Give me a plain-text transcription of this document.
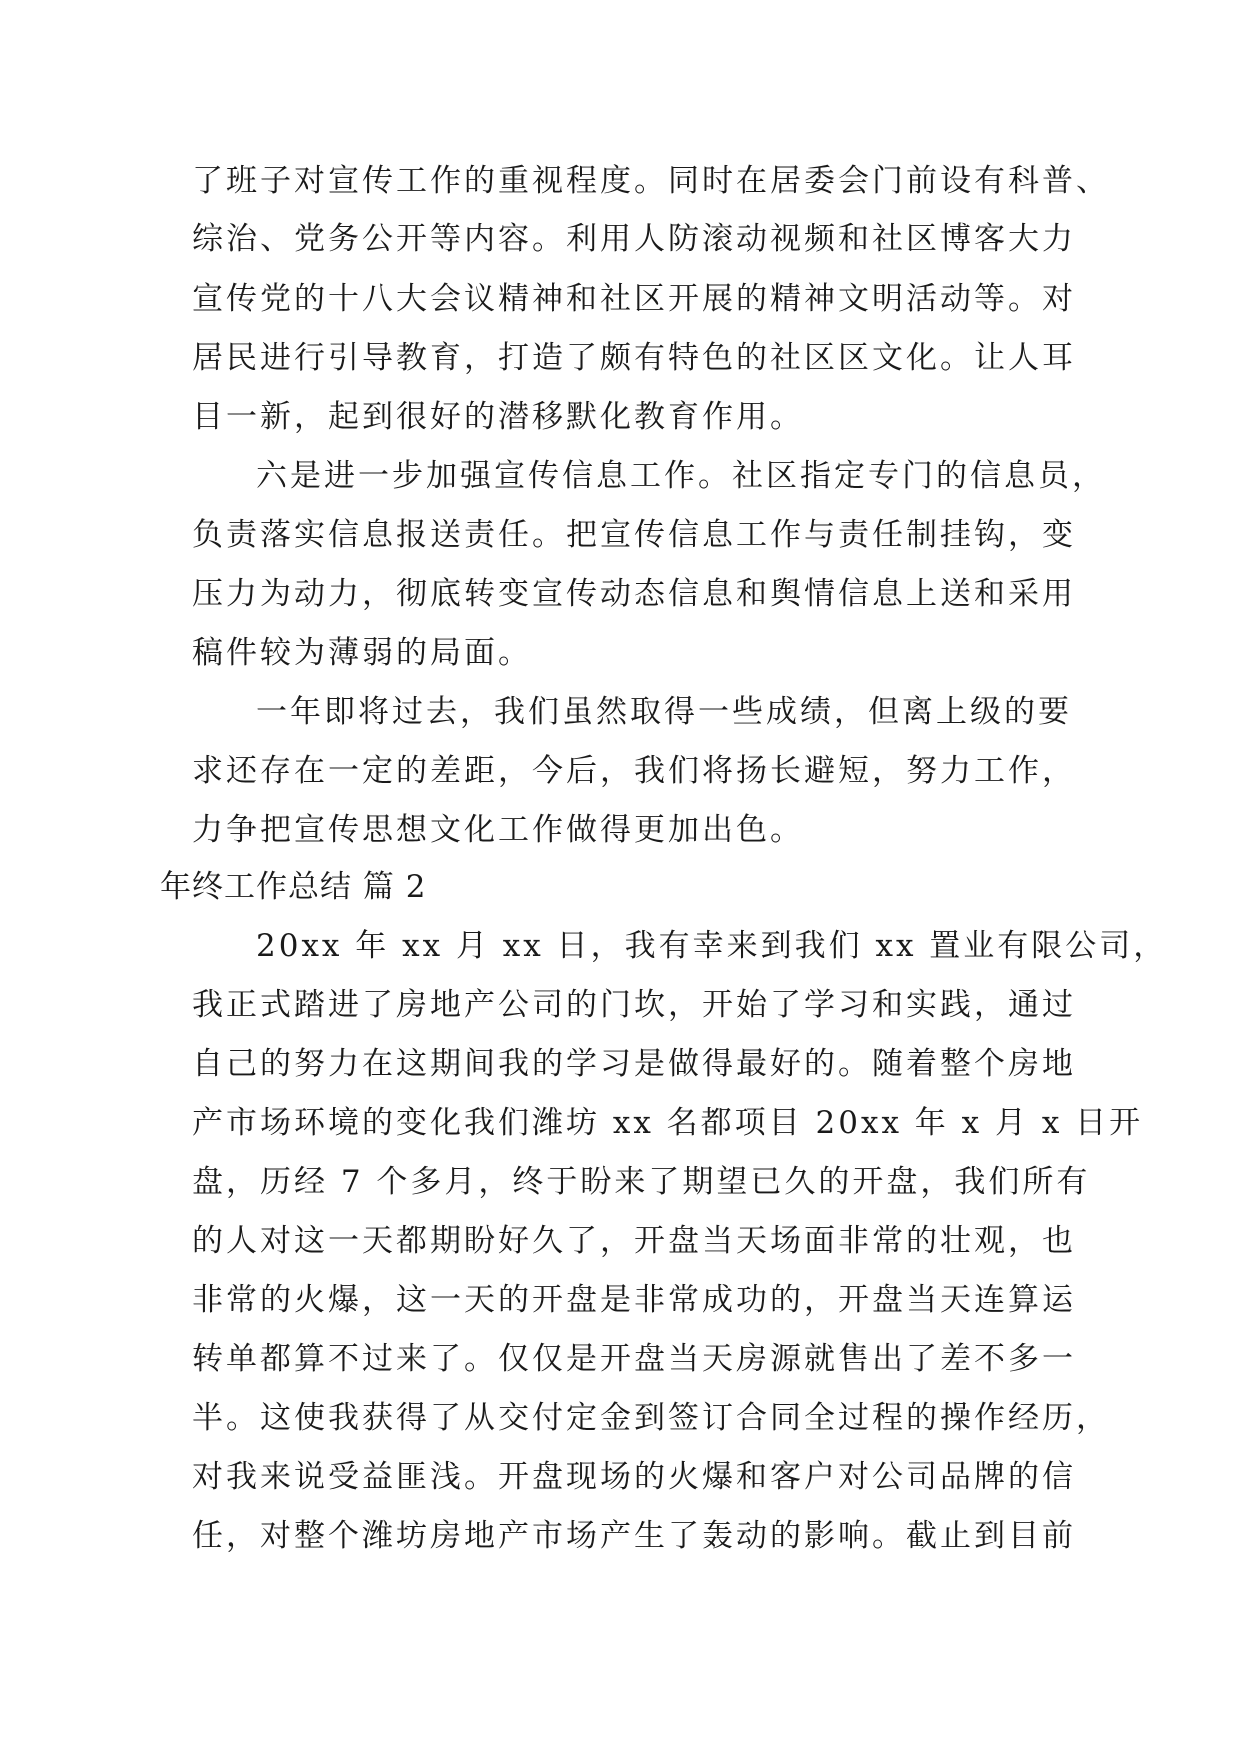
了班子对宣传工作的重视程度。同时在居委会门前设有科普、
综治、党务公开等内容。利用人防滚动视频和社区博客大力
宣传党的十八大会议精神和社区开展的精神文明活动等。对
居民进行引导教育，打造了颇有特色的社区区文化。让人耳
目一新，起到很好的潜移默化教育作用。
六是进一步加强宣传信息工作。社区指定专门的信息员，
负责落实信息报送责任。把宣传信息工作与责任制挂钩，变
压力为动力，彻底转变宣传动态信息和舆情信息上送和采用
稿件较为薄弱的局面。
一年即将过去，我们虽然取得一些成绩，但离上级的要
求还存在一定的差距，今后，我们将扬长避短，努力工作，
力争把宣传思想文化工作做得更加出色。
年终工作总结 篇 2
20xx 年 xx 月 xx 日，我有幸来到我们 xx 置业有限公司，
我正式踏进了房地产公司的门坎，开始了学习和实践，通过
自己的努力在这期间我的学习是做得最好的。随着整个房地
产市场环境的变化我们潍坊 xx 名都项目 20xx 年 x 月 x 日开
盘，历经 7 个多月，终于盼来了期望已久的开盘，我们所有
的人对这一天都期盼好久了，开盘当天场面非常的壮观，也
非常的火爆，这一天的开盘是非常成功的，开盘当天连算运
转单都算不过来了。仅仅是开盘当天房源就售出了差不多一
半。这使我获得了从交付定金到签订合同全过程的操作经历，
对我来说受益匪浅。开盘现场的火爆和客户对公司品牌的信
任，对整个潍坊房地产市场产生了轰动的影响。截止到目前
